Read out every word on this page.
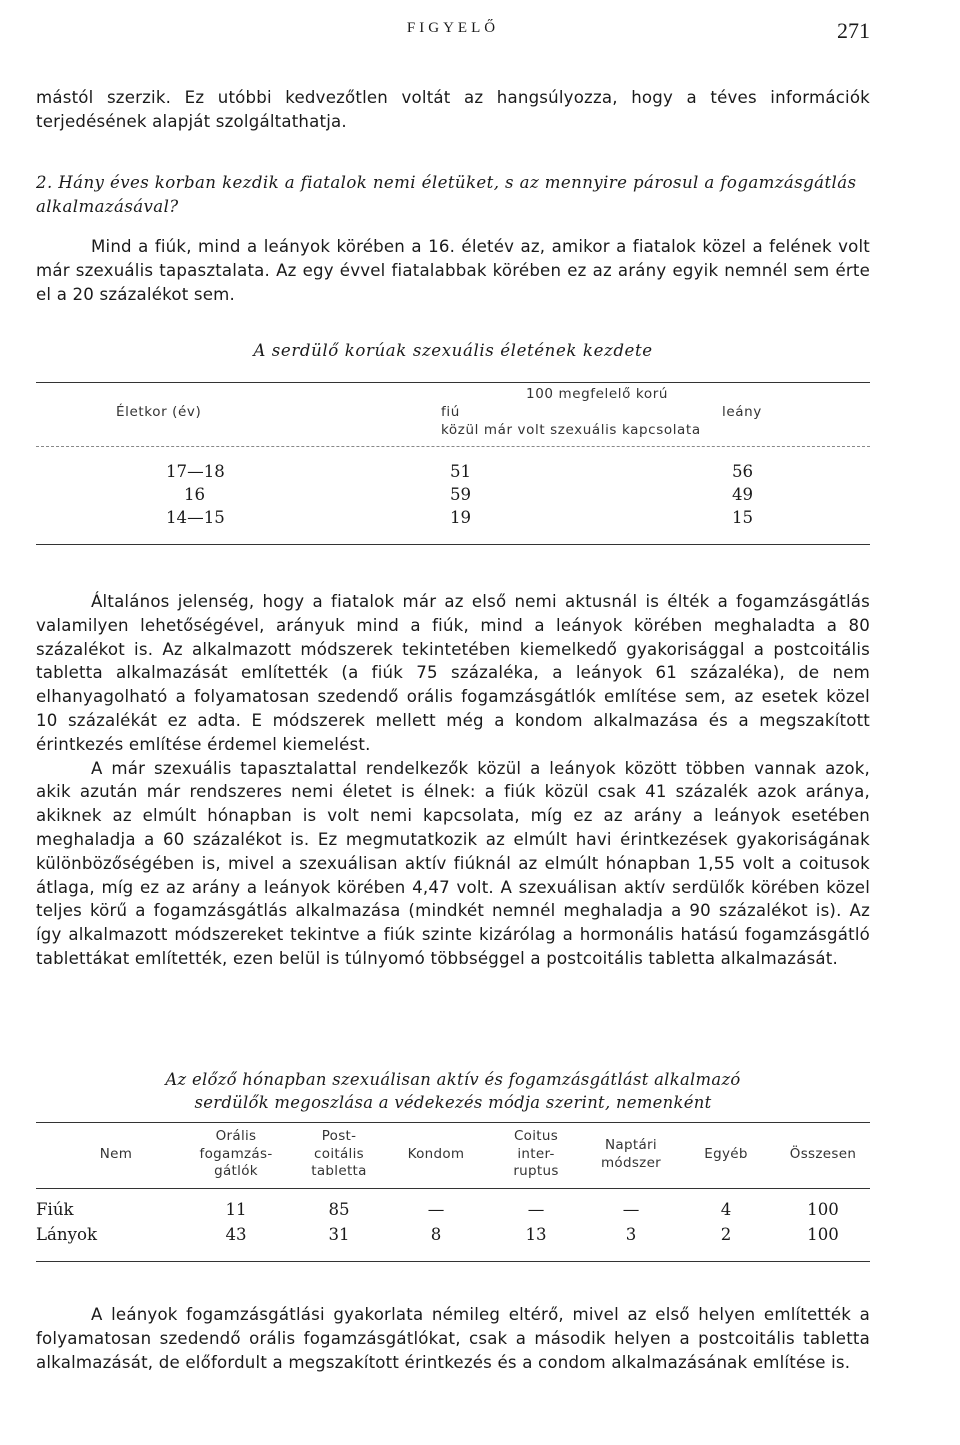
FIGYELŐ	271

mástól szerzik. Ez utóbbi kedvezőtlen voltát az hangsúlyozza, hogy a téves információk terjedésének alapját szolgáltathatja.

2. Hány éves korban kezdik a fiatalok nemi életüket, s az mennyire párosul a fogamzásgátlás alkalmazásával?

Mind a fiúk, mind a leányok körében a 16. életév az, amikor a fiatalok közel a felének volt már szexuális tapasztalata. Az egy évvel fiatalabbak körében ez az arány egyik nemnél sem érte el a 20 százalékot sem.

A serdülő korúak szexuális életének kezdete
Életkor (év)
100 megfelelő korú
fiú	leány
közül már volt szexuális kapcsolata
17—18	51	56
16	59	49
14—15	19	15

Általános jelenség, hogy a fiatalok már az első nemi aktusnál is élték a fogamzásgátlás valamilyen lehetőségével, arányuk mind a fiúk, mind a leányok körében meghaladta a 80 százalékot is. Az alkalmazott módszerek tekintetében kiemelkedő gyakorisággal a postcoitális tabletta alkalmazását említették (a fiúk 75 százaléka, a leányok 61 százaléka), de nem elhanyagolható a folyamatosan szedendő orális fogamzásgátlók említése sem, az esetek közel 10 százalékát ez adta. E módszerek mellett még a kondom alkalmazása és a megszakított érintkezés említése érdemel kiemelést.

A már szexuális tapasztalattal rendelkezők közül a leányok között többen vannak azok, akik azután már rendszeres nemi életet is élnek: a fiúk közül csak 41 százalék azok aránya, akiknek az elmúlt hónapban is volt nemi kapcsolata, míg ez az arány a leányok esetében meghaladja a 60 százalékot is. Ez megmutatkozik az elmúlt havi érintkezések gyakoriságának különbözőségében is, mivel a szexuálisan aktív fiúknál az elmúlt hónapban 1,55 volt a coitusok átlaga, míg ez az arány a leányok körében 4,47 volt. A szexuálisan aktív serdülők körében közel teljes körű a fogamzásgátlás alkalmazása (mindkét nemnél meghaladja a 90 százalékot is). Az így alkalmazott módszereket tekintve a fiúk szinte kizárólag a hormonális hatású fogamzásgátló tablettákat említették, ezen belül is túlnyomó többséggel a postcoitális tabletta alkalmazását.

Az előző hónapban szexuálisan aktív és fogamzásgátlást alkalmazó
serdülők megoszlása a védekezés módja szerint, nemenként
Nem
Orális
fogamzás-
gátlók
Post-
coitális
tabletta
Kondom
Coitus
inter-
ruptus
Naptári
módszer
Egyéb	Összesen
Fiúk	11	85	—	—	—	4	100
Lányok	43	31	8	13	3	2	100

A leányok fogamzásgátlási gyakorlata némileg eltérő, mivel az első helyen említették a folyamatosan szedendő orális fogamzásgátlókat, csak a második helyen a postcoitális tabletta alkalmazását, de előfordult a megszakított érintkezés és a condom alkalmazásának említése is.
